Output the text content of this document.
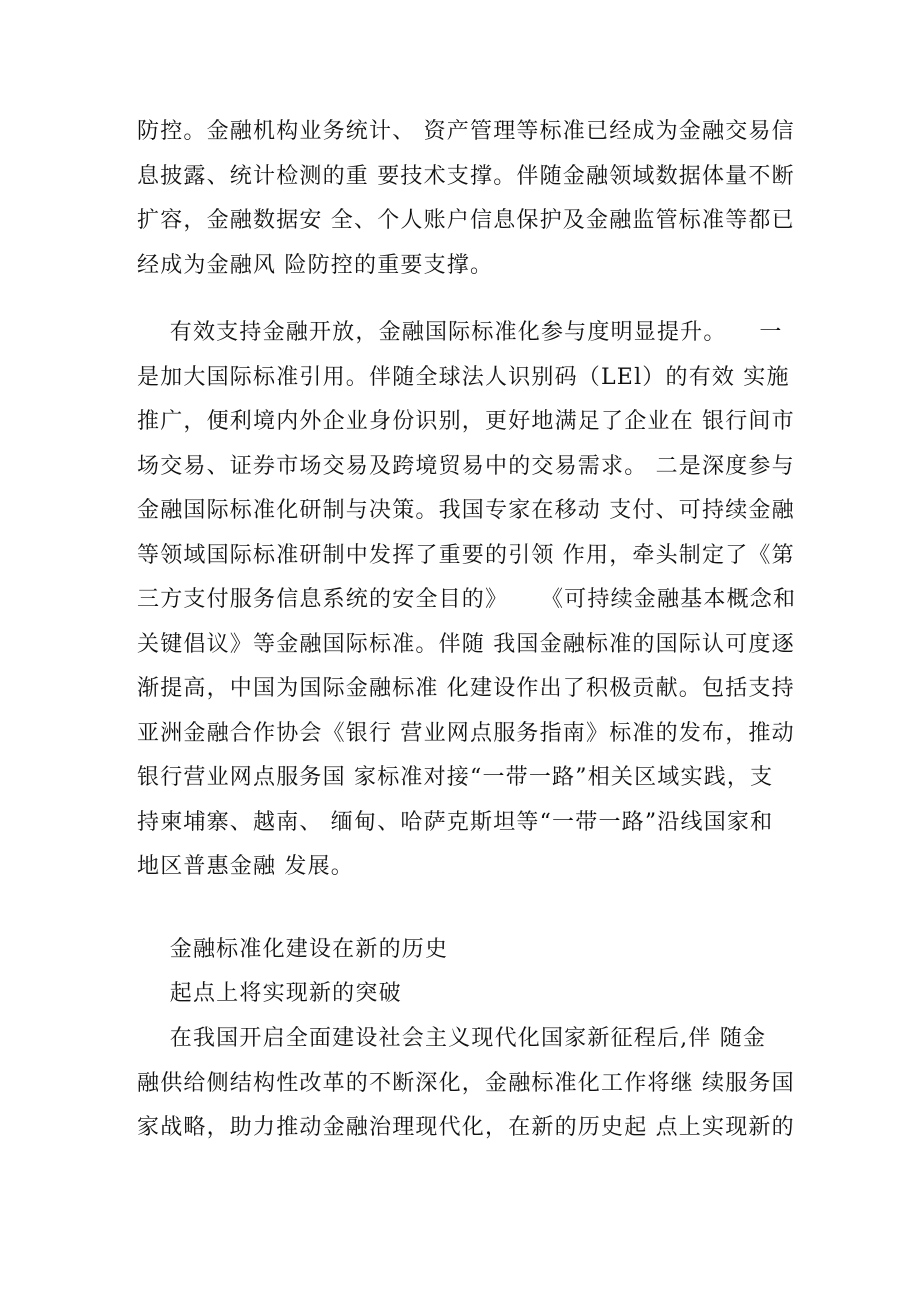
防控。金融机构业务统计、 资产管理等标准已经成为金融交易信
息披露、统计检测的重 要技术支撑。伴随金融领域数据体量不断
扩容，金融数据安 全、个人账户信息保护及金融监管标准等都已
经成为金融风 险防控的重要支撑。
有效支持金融开放，金融国际标准化参与度明显提升。    一
是加大国际标准引用。伴随全球法人识别码（LEl）的有效 实施
推广，便利境内外企业身份识别，更好地满足了企业在 银行间市
场交易、证券市场交易及跨境贸易中的交易需求。 二是深度参与
金融国际标准化研制与决策。我国专家在移动 支付、可持续金融
等领域国际标准研制中发挥了重要的引领 作用，牵头制定了《第
三方支付服务信息系统的安全目的》    《可持续金融基本概念和
关键倡议》等金融国际标准。伴随 我国金融标准的国际认可度逐
渐提高，中国为国际金融标准 化建设作出了积极贡献。包括支持
亚洲金融合作协会《银行 营业网点服务指南》标准的发布，推动
银行营业网点服务国 家标准对接“一带一路”相关区域实践，支
持柬埔寨、越南、 缅甸、哈萨克斯坦等“一带一路”沿线国家和
地区普惠金融 发展。
金融标准化建设在新的历史
起点上将实现新的突破
在我国开启全面建设社会主义现代化国家新征程后,伴 随金
融供给侧结构性改革的不断深化，金融标准化工作将继 续服务国
家战略，助力推动金融治理现代化，在新的历史起 点上实现新的
